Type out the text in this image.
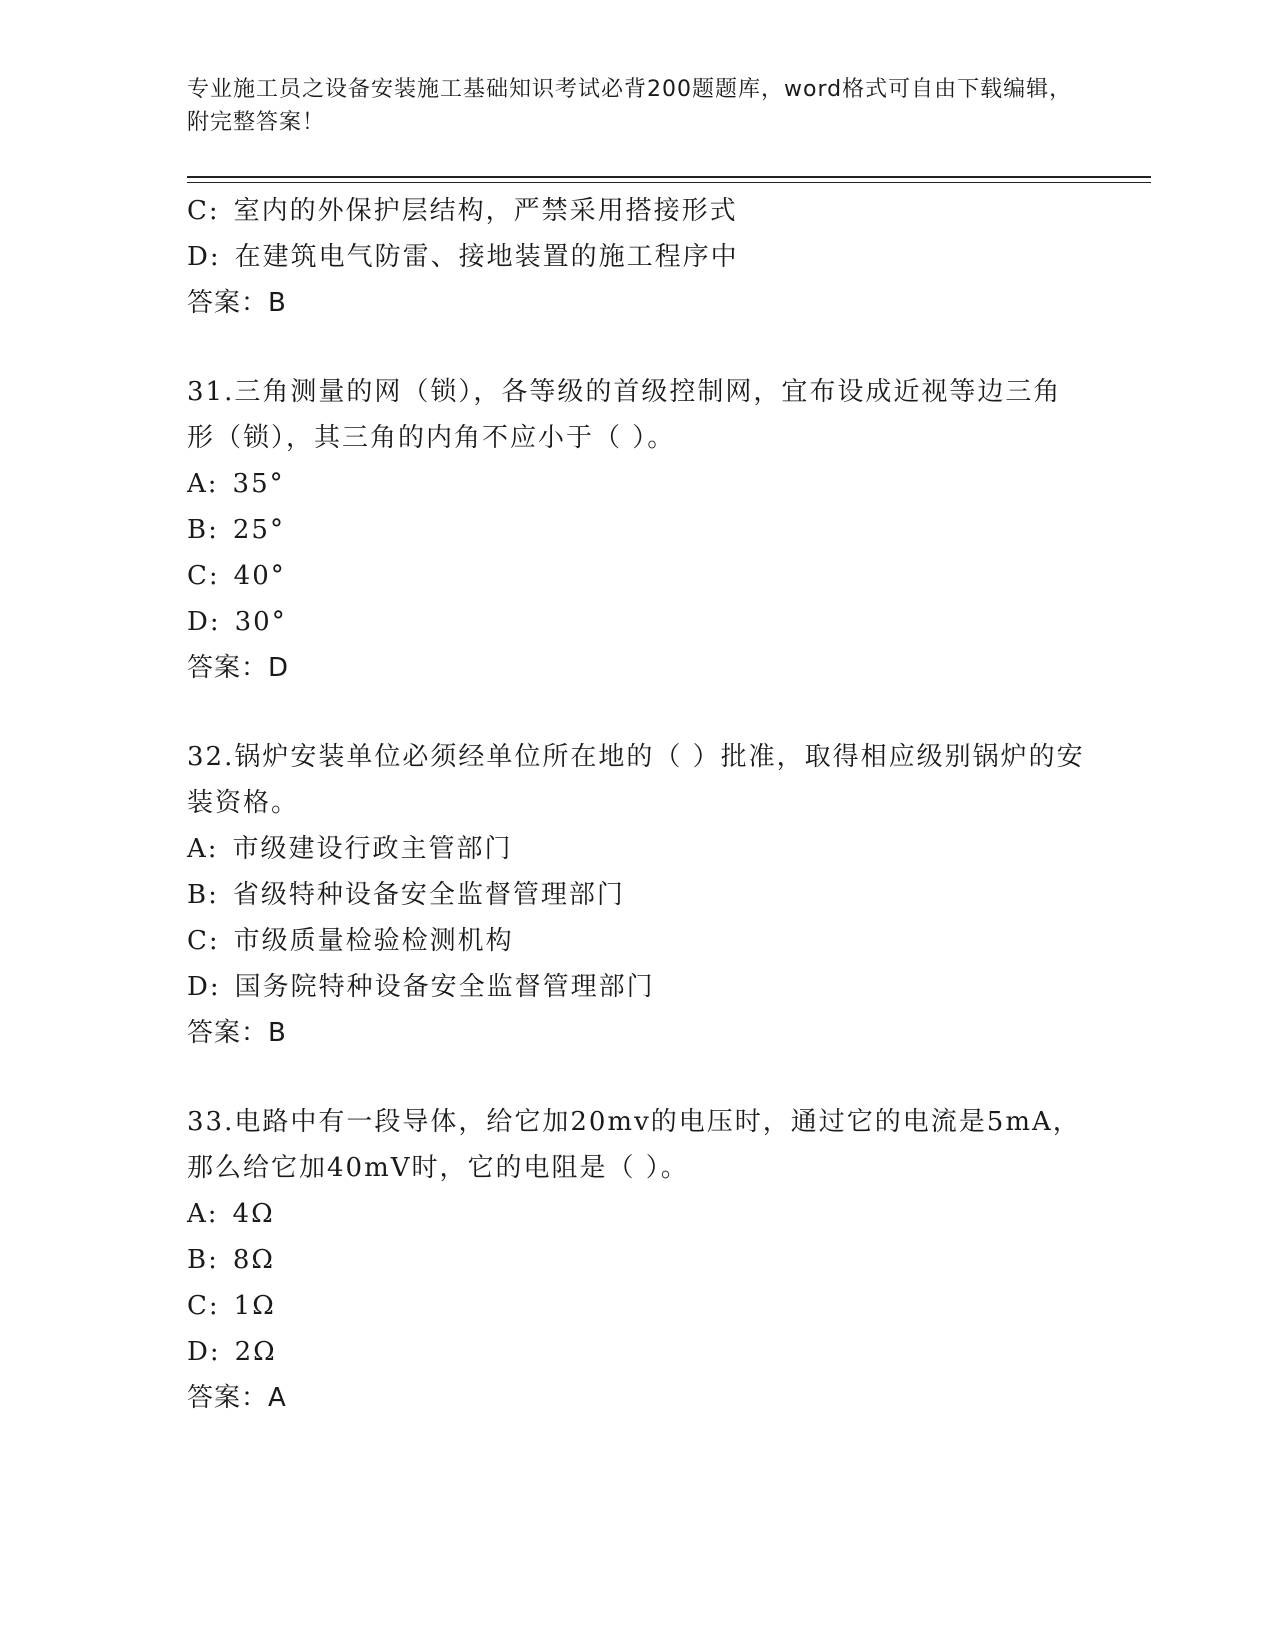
专业施工员之设备安装施工基础知识考试必背200题题库，word格式可自由下载编辑，附完整答案！
C: 室内的外保护层结构，严禁采用搭接形式
D: 在建筑电气防雷、接地装置的施工程序中
答案：B
31.三角测量的网（锁），各等级的首级控制网，宜布设成近视等边三角形（锁），其三角的内角不应小于（ ）。
A: 35°
B: 25°
C: 40°
D: 30°
答案：D
32.锅炉安装单位必须经单位所在地的（ ）批准，取得相应级别锅炉的安装资格。
A: 市级建设行政主管部门
B: 省级特种设备安全监督管理部门
C: 市级质量检验检测机构
D: 国务院特种设备安全监督管理部门
答案：B
33.电路中有一段导体，给它加20mv的电压时，通过它的电流是5mA，那么给它加40mV时，它的电阻是（ ）。
A: 4Ω
B: 8Ω
C: 1Ω
D: 2Ω
答案：A
